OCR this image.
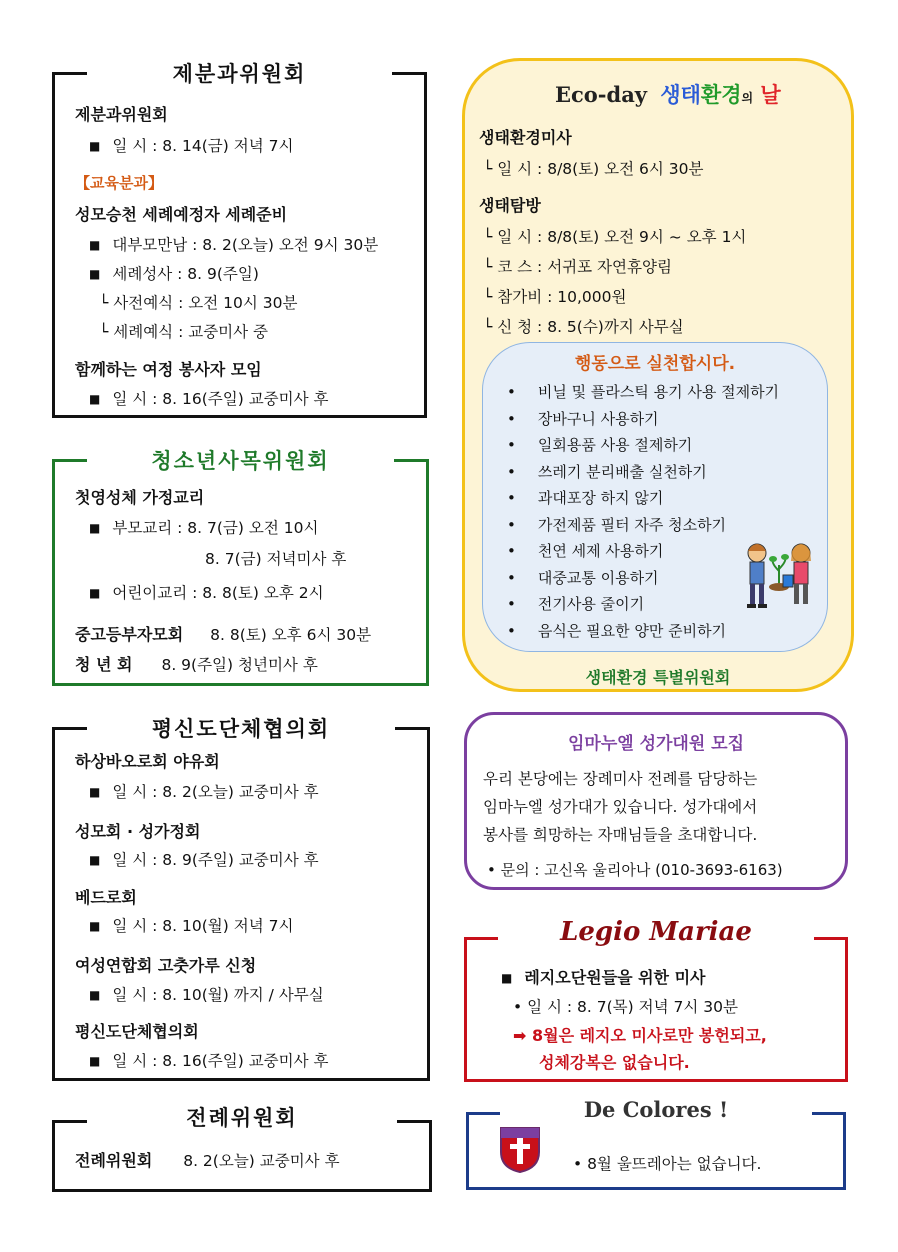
제분과위원회
제분과위원회
■ 일 시 : 8. 14(금) 저녁 7시
【교육분과】
성모승천 세례예정자 세례준비
■ 대부모만남 : 8. 2(오늘) 오전 9시 30분
■ 세례성사 : 8. 9(주일)
└ 사전예식 : 오전 10시 30분
└ 세례예식 : 교중미사 중
함께하는 여정 봉사자 모임
■ 일 시 : 8. 16(주일) 교중미사 후
청소년사목위원회
첫영성체 가정교리
■ 부모교리 : 8. 7(금) 오전 10시
8. 7(금) 저녁미사 후
■ 어린이교리 : 8. 8(토) 오후 2시
중고등부자모회 8. 8(토) 오후 6시 30분
청 년 회 8. 9(주일) 청년미사 후
평신도단체협의회
하상바오로회 야유회
■ 일 시 : 8. 2(오늘) 교중미사 후
성모회 · 성가정회
■ 일 시 : 8. 9(주일) 교중미사 후
베드로회
■ 일 시 : 8. 10(월) 저녁 7시
여성연합회 고춧가루 신청
■ 일 시 : 8. 10(월) 까지 / 사무실
평신도단체협의회
■ 일 시 : 8. 16(주일) 교중미사 후
전례위원회
전례위원회 8. 2(오늘) 교중미사 후
Eco-day 생태환경의 날
생태환경미사
└ 일 시 : 8/8(토) 오전 6시 30분
생태탐방
└ 일 시 : 8/8(토) 오전 9시 ~ 오후 1시
└ 코 스 : 서귀포 자연휴양림
└ 참가비 : 10,000원
└ 신 청 : 8. 5(수)까지 사무실
생태환경 특별위원회
행동으로 실천합시다.
• 비닐 및 플라스틱 용기 사용 절제하기
• 장바구니 사용하기
• 일회용품 사용 절제하기
• 쓰레기 분리배출 실천하기
• 과대포장 하지 않기
• 가전제품 필터 자주 청소하기
• 천연 세제 사용하기
• 대중교통 이용하기
• 전기사용 줄이기
• 음식은 필요한 양만 준비하기
임마누엘 성가대원 모집
우리 본당에는 장례미사 전례를 담당하는
임마누엘 성가대가 있습니다. 성가대에서
봉사를 희망하는 자매님들을 초대합니다.
• 문의 : 고신옥 울리아나 (010-3693-6163)
Legio Mariae
■ 레지오단원들을 위한 미사
• 일 시 : 8. 7(목) 저녁 7시 30분
➡ 8월은 레지오 미사로만 봉헌되고,
성체강복은 없습니다.
De Colores !
• 8월 울뜨레아는 없습니다.
